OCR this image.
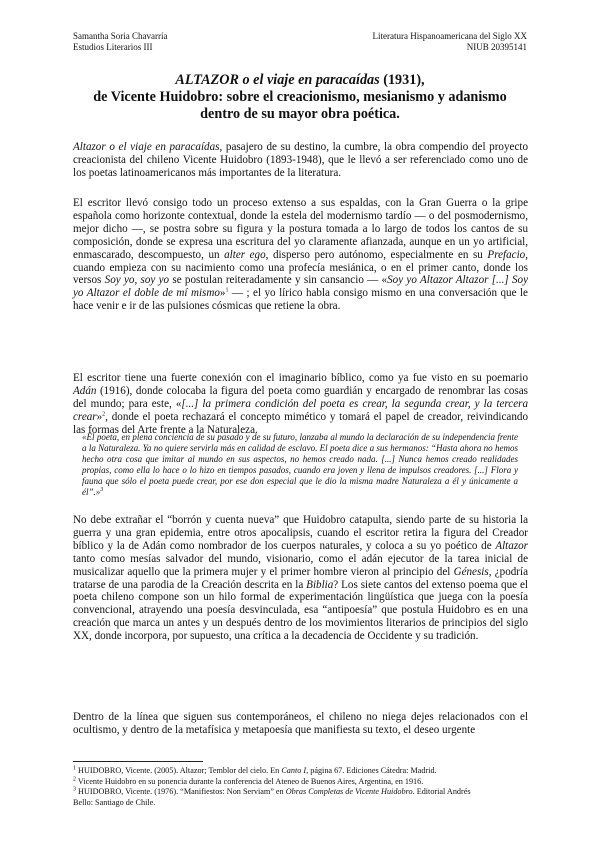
Samantha Soria Chavarría
Estudios Literarios III
Literatura Hispanoamericana del Siglo XX
NIUB 20395141
ALTAZOR o el viaje en paracaídas (1931),
de Vicente Huidobro: sobre el creacionismo, mesianismo y adanismo
dentro de su mayor obra poética.

Altazor o el viaje en paracaídas, pasajero de su destino, la cumbre, la obra compendio del proyecto creacionista del chileno Vicente Huidobro (1893-1948), que le llevó a ser referenciado como uno de los poetas latinoamericanos más importantes de la literatura.

El escritor llevó consigo todo un proceso extenso a sus espaldas, con la Gran Guerra o la gripe española como horizonte contextual, donde la estela del modernismo tardío — o del posmodernismo, mejor dicho —, se postra sobre su figura y la postura tomada a lo largo de todos los cantos de su composición, donde se expresa una escritura del yo claramente afianzada, aunque en un yo artificial, enmascarado, descompuesto, un alter ego, disperso pero autónomo, especialmente en su Prefacio, cuando empieza con su nacimiento como una profecía mesiánica, o en el primer canto, donde los versos Soy yo, soy yo se postulan reiteradamente y sin cansancio — «Soy yo Altazor Altazor [...] Soy yo Altazor el doble de mí mismo»$^1$ — ; el yo lírico habla consigo mismo en una conversación que le hace venir e ir de las pulsiones cósmicas que retiene la obra.

El escritor tiene una fuerte conexión con el imaginario bíblico, como ya fue visto en su poemario Adán (1916), donde colocaba la figura del poeta como guardián y encargado de renombrar las cosas del mundo; para este, «[...] la primera condición del poeta es crear, la segunda crear, y la tercera crear»$^2$, donde el poeta rechazará el concepto mimético y tomará el papel de creador, reivindicando las formas del Arte frente a la Naturaleza.

«El poeta, en plena conciencia de su pasado y de su futuro, lanzaba al mundo la declaración de su independencia frente a la Naturaleza. Ya no quiere servirla más en calidad de esclavo. El poeta dice a sus hermanos: “Hasta ahora no hemos hecho otra cosa que imitar al mundo en sus aspectos, no hemos creado nada. [...] Nunca hemos creado realidades propias, como ella lo hace o lo hizo en tiempos pasados, cuando era joven y llena de impulsos creadores. [...] Flora y fauna que sólo el poeta puede crear, por ese don especial que le dio la misma madre Naturaleza a él y únicamente a él”.»$^3$

No debe extrañar el “borrón y cuenta nueva” que Huidobro catapulta, siendo parte de su historia la guerra y una gran epidemia, entre otros apocalipsis, cuando el escritor retira la figura del Creador bíblico y la de Adán como nombrador de los cuerpos naturales, y coloca a su yo poético de Altazor tanto como mesías salvador del mundo, visionario, como el adán ejecutor de la tarea inicial de musicalizar aquello que la primera mujer y el primer hombre vieron al principio del Génesis, ¿podría tratarse de una parodia de la Creación descrita en la Biblia? Los siete cantos del extenso poema que el poeta chileno compone son un hilo formal de experimentación lingüística que juega con la poesía convencional, atrayendo una poesía desvinculada, esa “antipoesía” que postula Huidobro es en una creación que marca un antes y un después dentro de los movimientos literarios de principios del siglo XX, donde incorpora, por supuesto, una crítica a la decadencia de Occidente y su tradición.

Dentro de la línea que siguen sus contemporáneos, el chileno no niega dejes relacionados con el ocultismo, y dentro de la metafísica y metapoesía que manifiesta su texto, el deseo urgente

$^1$ HUIDOBRO, Vicente. (2005). Altazor; Temblor del cielo. En Canto I, página 67. Ediciones Cátedra: Madrid.
$^2$ Vicente Huidobro en su ponencia durante la conferencia del Ateneo de Buenos Aires, Argentina, en 1916.
$^3$ HUIDOBRO, Vicente. (1976). “Manifiestos: Non Serviam” en Obras Completas de Vicente Huidobro. Editorial Andrés
Bello: Santiago de Chile.
